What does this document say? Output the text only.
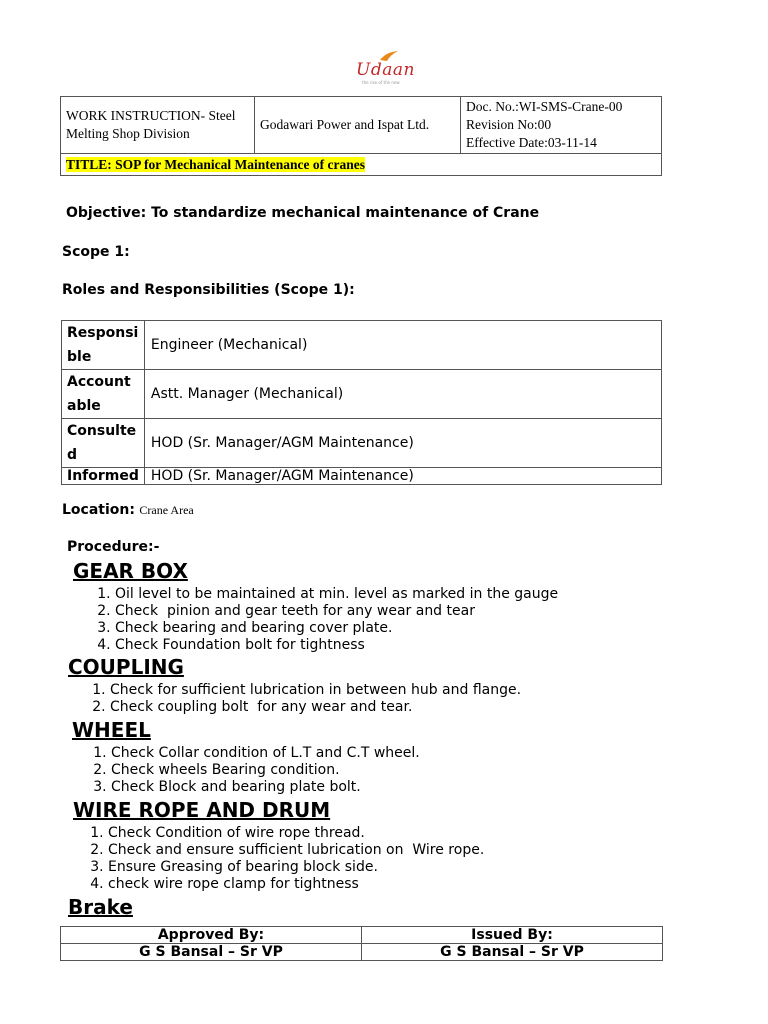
Udaan
the rise of the new
WORK INSTRUCTION- Steel Melting Shop Division	Godawari Power and Ispat Ltd.	
Doc. No.:WI-SMS-Crane-00
Revision No:00
Effective Date:03-11-14

TITLE: SOP for Mechanical Maintenance of cranes
Objective: To standardize mechanical maintenance of Crane
Scope 1:
Roles and Responsibilities (Scope 1):
Responsi ble	Engineer (Mechanical)
Account able	Astt. Manager (Mechanical)
Consulte d	HOD (Sr. Manager/AGM Maintenance)
Informed	HOD (Sr. Manager/AGM Maintenance)
Location: Crane Area
Procedure:-
GEAR BOX
1. Oil level to be maintained at min. level as marked in the gauge
2. Check  pinion and gear teeth for any wear and tear
3. Check bearing and bearing cover plate.
4. Check Foundation bolt for tightness
COUPLING
1. Check for sufficient lubrication in between hub and flange.
2. Check coupling bolt  for any wear and tear.
WHEEL
1. Check Collar condition of L.T and C.T wheel.
2. Check wheels Bearing condition.
3. Check Block and bearing plate bolt.
WIRE ROPE AND DRUM
1. Check Condition of wire rope thread.
2. Check and ensure sufficient lubrication on  Wire rope.
3. Ensure Greasing of bearing block side.
4. check wire rope clamp for tightness
Brake
Approved By:	Issued By:
G S Bansal – Sr VP	G S Bansal – Sr VP
